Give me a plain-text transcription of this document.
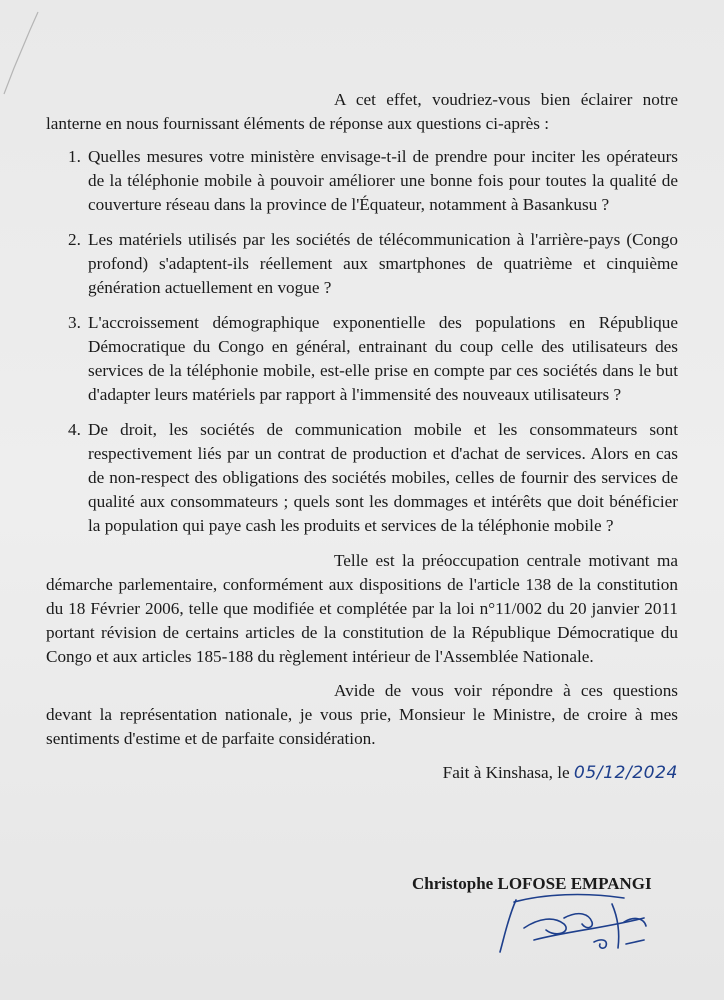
A cet effet, voudriez-vous bien éclairer notre lanterne en nous fournissant éléments de réponse aux questions ci-après :

1. Quelles mesures votre ministère envisage-t-il de prendre pour inciter les opérateurs de la téléphonie mobile à pouvoir améliorer une bonne fois pour toutes la qualité de couverture réseau dans la province de l'Équateur, notamment à Basankusu ?
2. Les matériels utilisés par les sociétés de télécommunication à l'arrière-pays (Congo profond) s'adaptent-ils réellement aux smartphones de quatrième et cinquième génération actuellement en vogue ?
3. L'accroissement démographique exponentielle des populations en République Démocratique du Congo en général, entrainant du coup celle des utilisateurs des services de la téléphonie mobile, est-elle prise en compte par ces sociétés dans le but d'adapter leurs matériels par rapport à l'immensité des nouveaux utilisateurs ?
4. De droit, les sociétés de communication mobile et les consommateurs sont respectivement liés par un contrat de production et d'achat de services. Alors en cas de non-respect des obligations des sociétés mobiles, celles de fournir des services de qualité aux consommateurs ; quels sont les dommages et intérêts que doit bénéficier la population qui paye cash les produits et services de la téléphonie mobile ?

Telle est la préoccupation centrale motivant ma démarche parlementaire, conformément aux dispositions de l'article 138 de la constitution du 18 Février 2006, telle que modifiée et complétée par la loi n°11/002 du 20 janvier 2011 portant révision de certains articles de la constitution de la République Démocratique du Congo et aux articles 185-188 du règlement intérieur de l'Assemblée Nationale.

Avide de vous voir répondre à ces questions devant la représentation nationale, je vous prie, Monsieur le Ministre, de croire à mes sentiments d'estime et de parfaite considération.

Fait à Kinshasa, le 05/12/2024

Christophe LOFOSE EMPANGI
